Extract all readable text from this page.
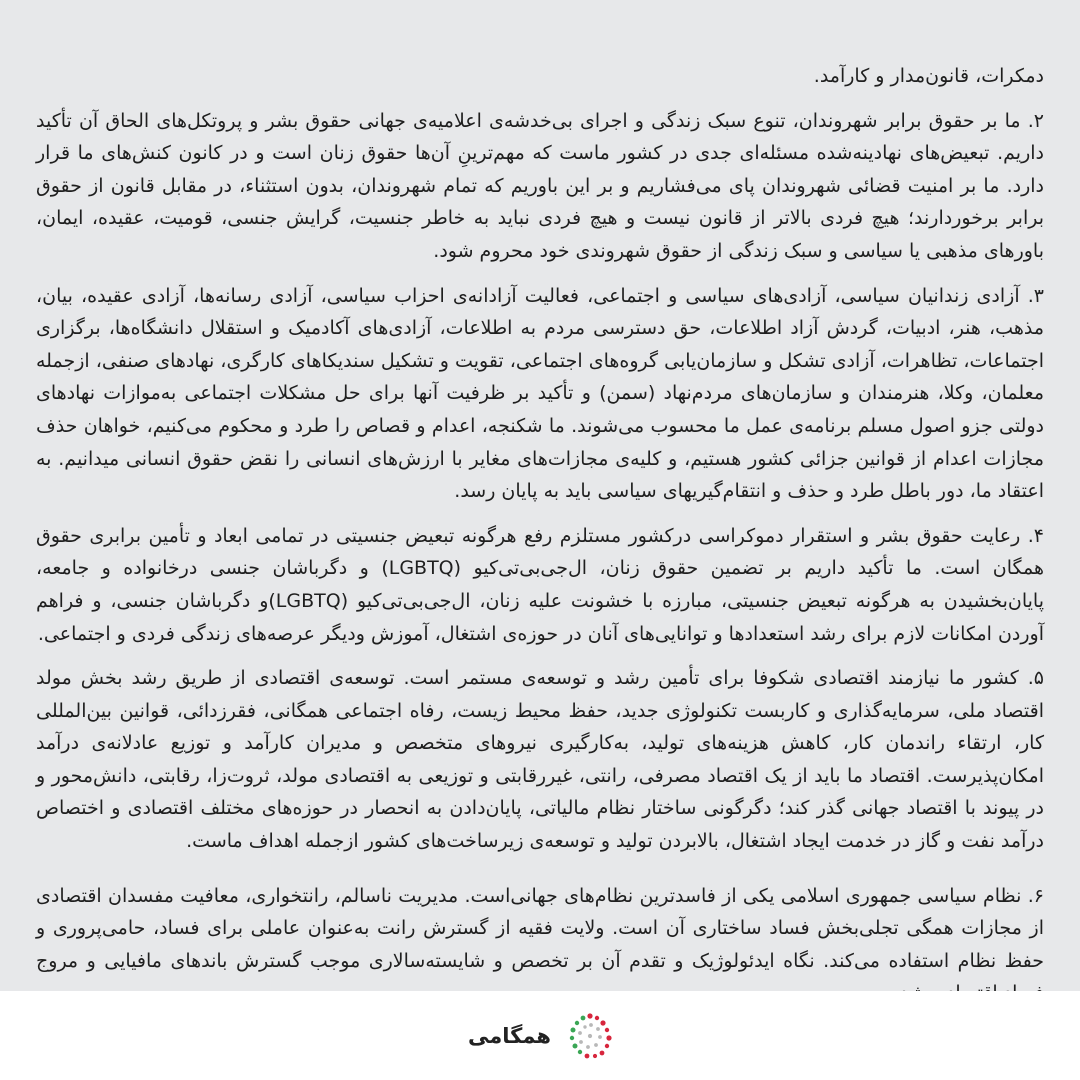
دمکرات، قانون‌مدار و کارآمد.

۲. ما بر حقوق برابر شهروندان، تنوع سبک زندگی و اجرای بی‌خدشه‌ی اعلامیه‌ی جهانی حقوق بشر و پروتکل‌های الحاق آن تأکید داریم. تبعیض‌های نهادینه‌شده مسئله‌ای جدی در کشور ماست که مهم‌ترینِ آن‌ها حقوق زنان است و در کانون کنش‌های ما قرار دارد. ما بر امنیت قضائی شهروندان پای می‌فشاریم و بر این باوریم که تمام شهروندان، بدون استثناء، در مقابل قانون از حقوق برابر برخوردارند؛ هیچ فردی بالاتر از قانون نیست و هیچ فردی نباید به خاطر جنسیت، گرایش جنسی، قومیت، عقیده، ایمان، باورهای مذهبی یا سیاسی و سبک زندگی از حقوق شهروندی خود محروم شود.

۳. آزادی زندانیان سیاسی، آزادی‌های سیاسی و اجتماعی، فعالیت آزادانه‌ی احزاب سیاسی، آزادی رسانه‌ها، آزادی عقیده، بیان، مذهب، هنر، ادبیات، گردش آزاد اطلاعات، حق دسترسی مردم به اطلاعات، آزادی‌های آکادمیک و استقلال دانشگاه‌ها، برگزاری اجتماعات، تظاهرات، آزادی تشکل و سازمان‌یابی گروه‌های اجتماعی، تقویت و تشکیل سندیکاهای کارگری، نهادهای صنفی، ازجمله معلمان، وکلا، هنرمندان و سازمان‌های مردم‌نهاد (سمن) و تأکید بر ظرفیت آنها برای حل مشکلات اجتماعی به‌موازات نهادهای دولتی جزو اصول مسلم برنامه‌ی عمل ما محسوب می‌شوند. ما شکنجه، اعدام و قصاص را طرد و محکوم می‌کنیم، خواهان حذف مجازات اعدام از قوانین جزائی کشور هستیم، و کلیه‌ی مجازات‌های مغایر با ارزش‌های انسانی را نقض حقوق انسانی میدانیم. به اعتقاد ما، دور باطل طرد و حذف و انتقام‌گیریهای سیاسی باید به پایان رسد.

۴. رعایت حقوق بشر و استقرار دموکراسی درکشور مستلزم رفع هرگونه تبعیض جنسیتی در تمامی ابعاد و تأمین برابری حقوق همگان است. ما تأکید داریم بر تضمین حقوق زنان، ال‌جی‌بی‌تی‌کیو (LGBTQ) و دگرباشان جنسی درخانواده و جامعه، پایان‌بخشیدن به هرگونه تبعیض جنسیتی، مبارزه با خشونت علیه زنان، ال‌جی‌بی‌تی‌کیو (LGBTQ)و دگرباشان جنسی، و فراهم آوردن امکانات لازم برای رشد استعدادها و توانایی‌های آنان در حوزه‌ی اشتغال، آموزش ودیگر عرصه‌های زندگی فردی و اجتماعی.

۵. کشور ما نیازمند اقتصادی شکوفا برای تأمین رشد و توسعه‌ی مستمر است. توسعه‌ی اقتصادی از طریق رشد بخش مولد اقتصاد ملی، سرمایه‌گذاری و کاربست تکنولوژی جدید، حفظ محیط زیست، رفاه اجتماعی همگانی، فقرزدائی، قوانین بین‌المللی کار، ارتقاء راندمان کار، کاهش هزینه‌های تولید، به‌کارگیری نیروهای متخصص و مدیران کارآمد و توزیع عادلانه‌ی درآمد امکان‌پذیرست. اقتصاد ما باید از یک اقتصاد مصرفی، رانتی، غیررقابتی و توزیعی به اقتصادی مولد، ثروت‌زا، رقابتی، دانش‌محور و در پیوند با اقتصاد جهانی گذر کند؛ دگرگونی ساختار نظام مالیاتی، پایان‌دادن به انحصار در حوزه‌های مختلف اقتصادی و اختصاص درآمد نفت و گاز در خدمت ایجاد اشتغال، بالابردن تولید و توسعه‌ی زیرساخت‌های کشور ازجمله اهداف ماست.

۶. نظام سیاسی جمهوری اسلامی یکی از فاسدترین نظام‌های جهانی‌است. مدیریت ناسالم، رانتخواری، معافیت مفسدان اقتصادی از مجازات همگی تجلی‌بخش فساد ساختاری آن است. ولایت فقیه از گسترش رانت به‌عنوان عاملی برای فساد، حامی‌پروری و حفظ نظام استفاده می‌کند. نگاه ایدئولوژیک و تقدم آن بر تخصص و شایسته‌سالاری موجب گسترش باندهای مافیایی و مروج

همگامی
